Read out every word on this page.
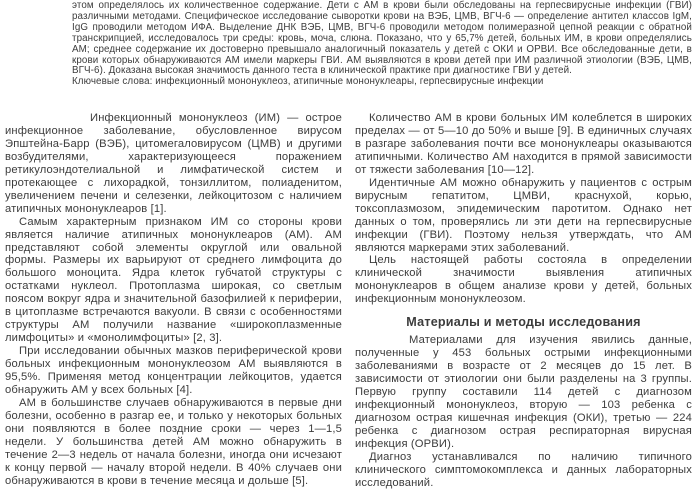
этом определялось их количественное содержание. Дети с АМ в крови были обследованы на герпесвирусные инфекции (ГВИ) различными методами. Специфическое исследование сыворотки крови на ВЭБ, ЦМВ, ВГЧ-6 — определение антител классов IgM, IgG проводили методом ИФА. Выделение ДНК ВЭБ, ЦМВ, ВГЧ-6 проводили методом полимеразной цепной реакции с обратной транскрипцией, исследовалось три среды: кровь, моча, слюна. Показано, что у 65,7% детей, больных ИМ, в крови определялись АМ; среднее содержание их достоверно превышало аналогичный показатель у детей с ОКИ и ОРВИ. Все обследованные дети, в крови которых обнаруживаются АМ имели маркеры ГВИ. АМ выявляются в крови детей при ИМ различной этиологии (ВЭБ, ЦМВ, ВГЧ-6). Доказана высокая значимость данного теста в клинической практике при диагностике ГВИ у детей.

Ключевые слова: инфекционный мононуклеоз, атипичные мононуклеары, герпесвирусные инфекции

Инфекционный мононуклеоз (ИМ) — острое инфекционное заболевание, обусловленное вирусом Эпштейна-Барр (ВЭБ), цитомегаловирусом (ЦМВ) и другими возбудителями, характеризующееся поражением ретикулоэндотелиальной и лимфатической систем и протекающее с лихорадкой, тонзиллитом, полиаденитом, увеличением печени и селезенки, лейкоцитозом с наличием атипичных мононуклеаров [1].

Самым характерным признаком ИМ со стороны крови является наличие атипичных мононуклеаров (АМ). АМ представляют собой элементы округлой или овальной формы. Размеры их варьируют от среднего лимфоцита до большого моноцита. Ядра клеток губчатой структуры с остатками нуклеол. Протоплазма широкая, со светлым поясом вокруг ядра и значительной базофилией к периферии, в цитоплазме встречаются вакуоли. В связи с особенностями структуры АМ получили название «широкоплазменные лимфоциты» и «монолимфоциты» [2, 3].

При исследовании обычных мазков периферической крови больных инфекционным мононуклеозом АМ выявляются в 95,5%. Применяя метод концентрации лейкоцитов, удается обнаружить АМ у всех больных [4].

АМ в большинстве случаев обнаруживаются в первые дни болезни, особенно в разгар ее, и только у некоторых больных они появляются в более поздние сроки — через 1—1,5 недели. У большинства детей АМ можно обнаружить в течение 2—3 недель от начала болезни, иногда они исчезают к концу первой — началу второй недели. В 40% случаев они обнаруживаются в крови в течение месяца и дольше [5].

Количество АМ в крови больных ИМ колеблется в широких пределах — от 5—10 до 50% и выше [9]. В единичных случаях в разгаре заболевания почти все мононуклеары оказываются атипичными. Количество АМ находится в прямой зависимости от тяжести заболевания [10—12].

Идентичные АМ можно обнаружить у пациентов с острым вирусным гепатитом, ЦМВИ, краснухой, корью, токсоплазмозом, эпидемическим паротитом. Однако нет данных о том, проверялись ли эти дети на герпесвирусные инфекции (ГВИ). Поэтому нельзя утверждать, что АМ являются маркерами этих заболеваний.

Цель настоящей работы состояла в определении клинической значимости выявления атипичных мононуклеаров в общем анализе крови у детей, больных инфекционным мононуклеозом.

Материалы и методы исследования

Материалами для изучения явились данные, полученные у 453 больных острыми инфекционными заболеваниями в возрасте от 2 месяцев до 15 лет. В зависимости от этиологии они были разделены на 3 группы. Первую группу составили 114 детей с диагнозом инфекционный мононуклеоз, вторую — 103 ребенка с диагнозом острая кишечная инфекция (ОКИ), третью — 224 ребенка с диагнозом острая респираторная вирусная инфекция (ОРВИ).

Диагноз устанавливался по наличию типичного клинического симптомокомплекса и данных лабораторных исследований.
